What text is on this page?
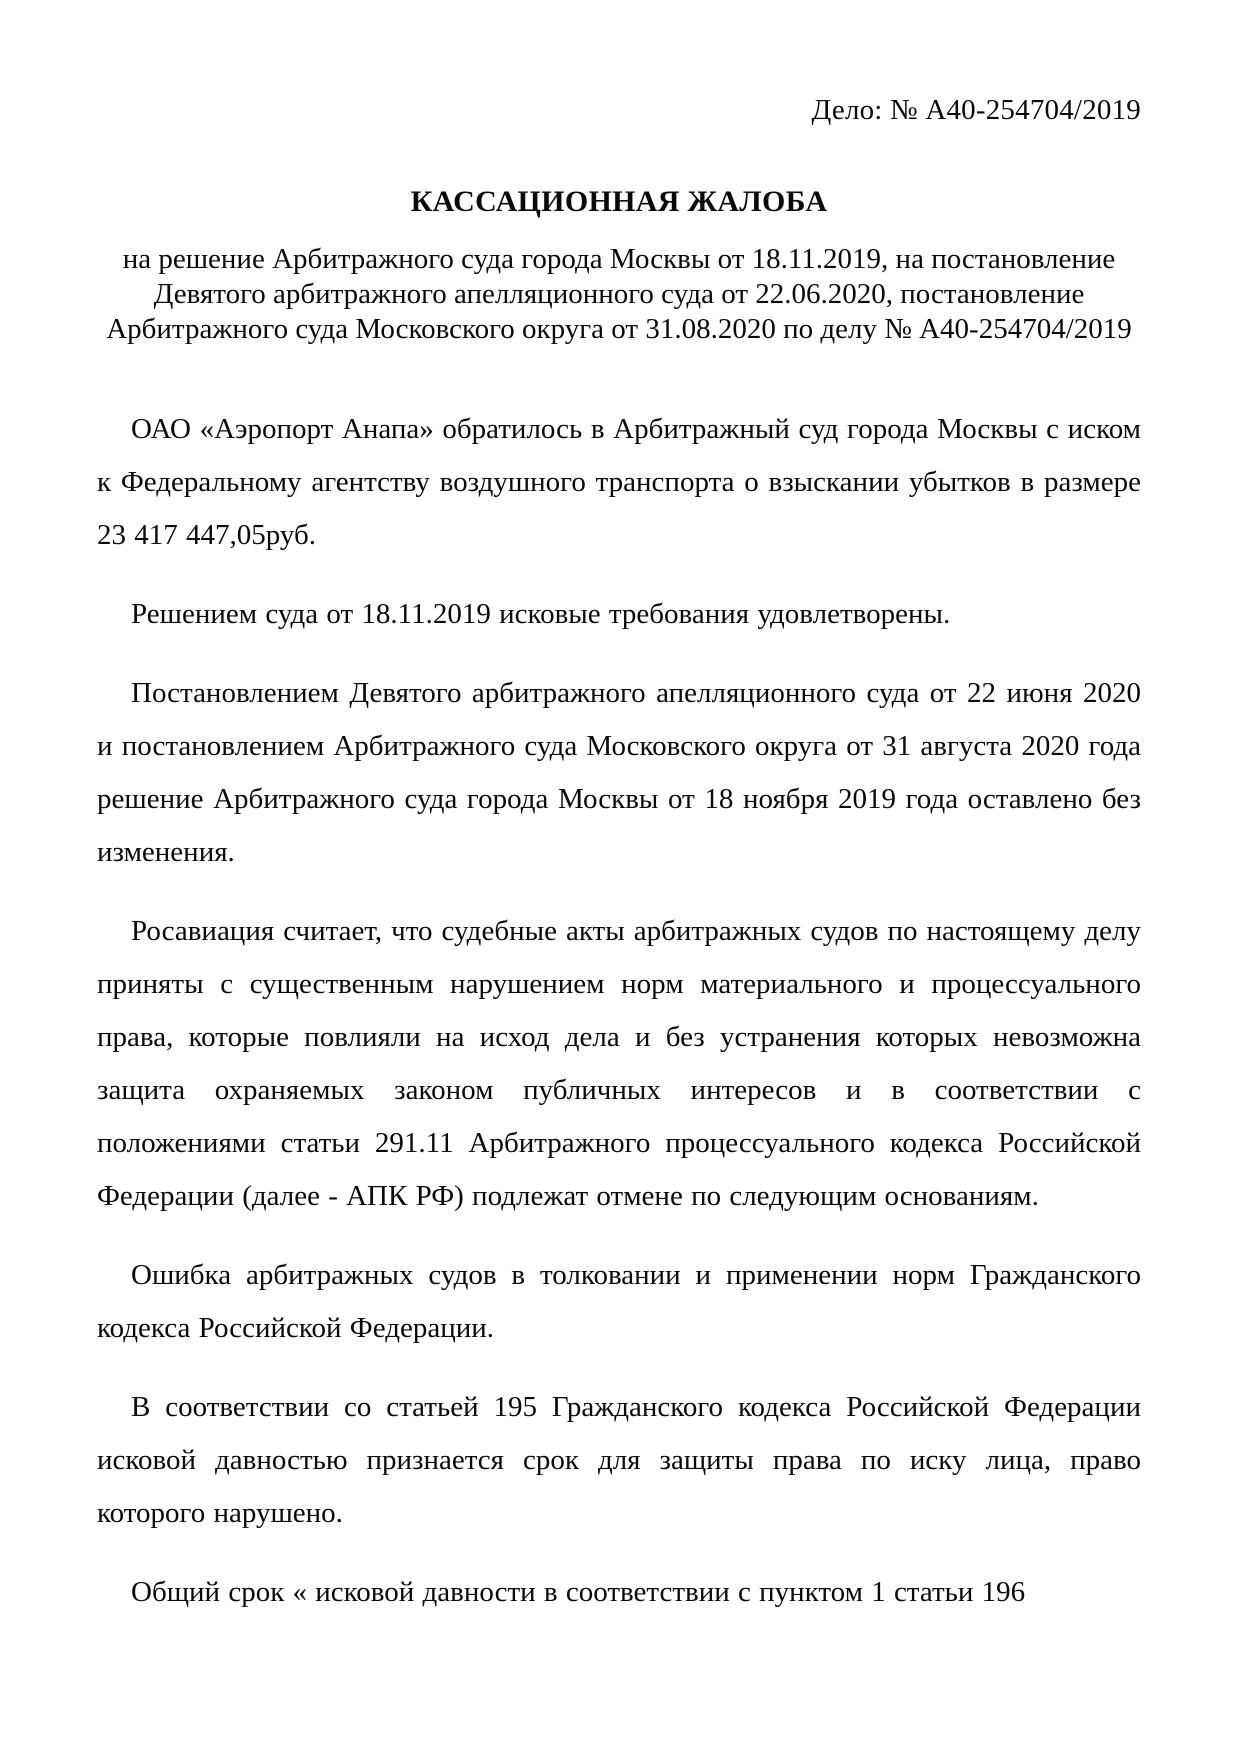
Дело: № А40-254704/2019
КАССАЦИОННАЯ ЖАЛОБА

на решение Арбитражного суда города Москвы от 18.11.2019, на постановление Девятого арбитражного апелляционного суда от 22.06.2020, постановление Арбитражного суда Московского округа от 31.08.2020 по делу № А40-254704/2019

ОАО «Аэропорт Анапа» обратилось в Арбитражный суд города Москвы с иском к Федеральному агентству воздушного транспорта о взыскании убытков в размере 23 417 447,05руб.

Решением суда от 18.11.2019 исковые требования удовлетворены.

Постановлением Девятого арбитражного апелляционного суда от 22 июня 2020 и постановлением Арбитражного суда Московского округа от 31 августа 2020 года решение Арбитражного суда города Москвы от 18 ноября 2019 года оставлено без изменения.

Росавиация считает, что судебные акты арбитражных судов по настоящему делу приняты с существенным нарушением норм материального и процессуального права, которые повлияли на исход дела и без устранения которых невозможна защита охраняемых законом публичных интересов и в соответствии с положениями статьи 291.11 Арбитражного процессуального кодекса Российской Федерации (далее - АПК РФ) подлежат отмене по следующим основаниям.

Ошибка арбитражных судов в толковании и применении норм Гражданского кодекса Российской Федерации.

В соответствии со статьей 195 Гражданского кодекса Российской Федерации исковой давностью признается срок для защиты права по иску лица, право которого нарушено.

Общий срок « исковой давности в соответствии с пунктом 1 статьи 196
